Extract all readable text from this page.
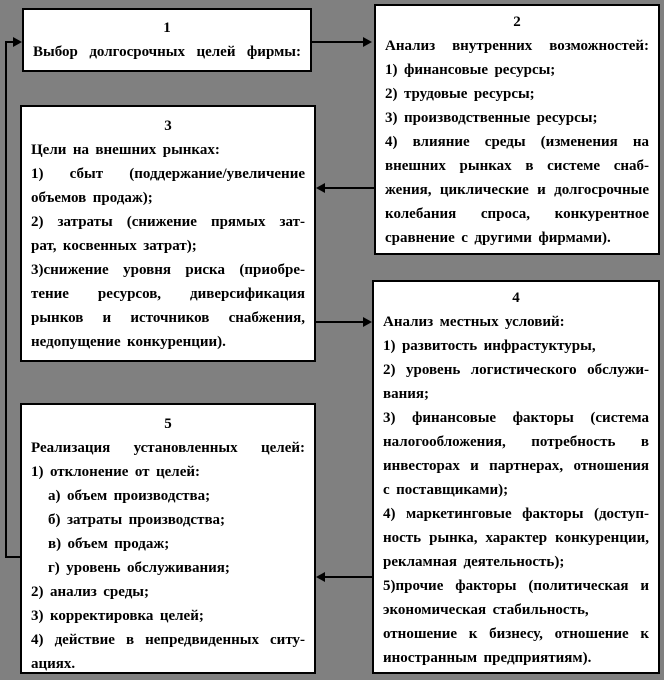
1
Выбор долгосрочных целей фирмы:
2
Анализ внутренних возможностей:
1) финансовые ресурсы;
2) трудовые ресурсы;
3) производственные ресурсы;
4) влияние среды (изменения на
внешних рынках в системе снаб-
жения, циклические и долгосрочные
колебания спроса, конкурентное
сравнение с другими фирмами).
3
Цели на внешних рынках:
1) сбыт (поддержание/увеличение
объемов продаж);
2) затраты (снижение прямых зат-
рат, косвенных затрат);
3)снижение уровня риска (приобре-
тение ресурсов, диверсификация
рынков и источников снабжения,
недопущение конкуренции).
4
Анализ местных условий:
1) развитость инфрастуктуры,
2) уровень логистического обслужи-
вания;
3) финансовые факторы (система
налогообложения, потребность в
инвесторах и партнерах, отношения
с поставщиками);
4) маркетинговые факторы (доступ-
ность рынка, характер конкуренции,
рекламная деятельность);
5)прочие факторы (политическая и
экономическая стабильность,
отношение к бизнесу, отношение к
иностранным предприятиям).
5
Реализация установленных целей:
1) отклонение от целей:
а) объем производства;
б) затраты производства;
в) объем продаж;
г) уровень обслуживания;
2) анализ среды;
3) корректировка целей;
4) действие в непредвиденных ситу-
ациях.
